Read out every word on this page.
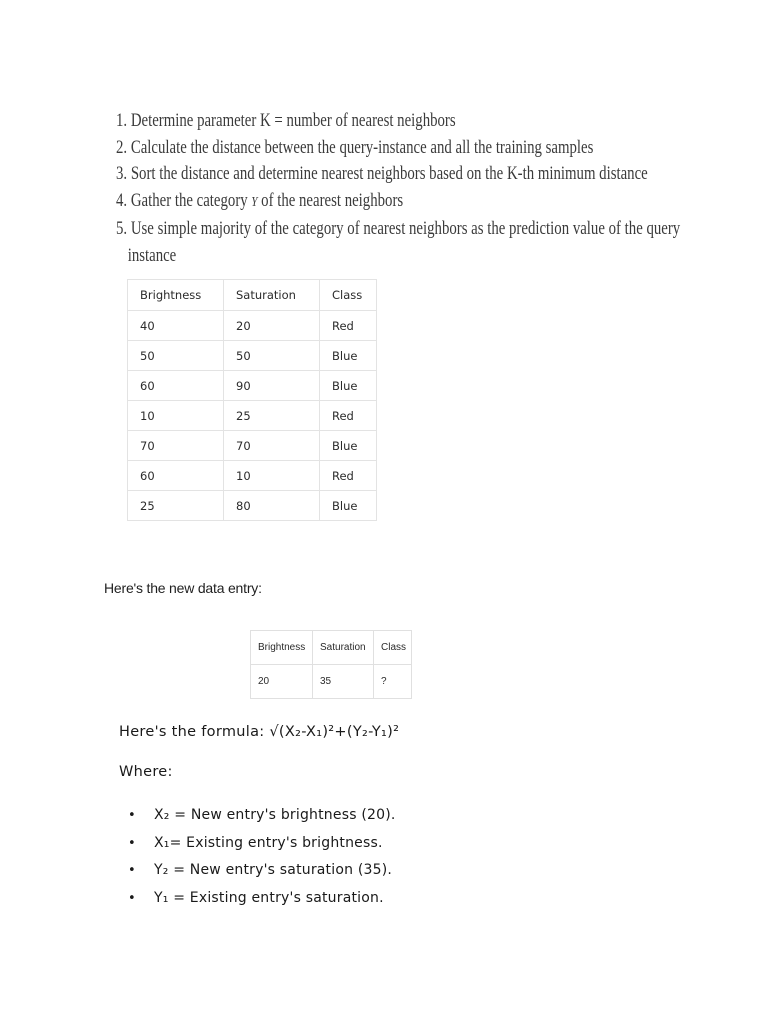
1. Determine parameter K = number of nearest neighbors
2. Calculate the distance between the query-instance and all the training samples
3. Sort the distance and determine nearest neighbors based on the K-th minimum distance
4. Gather the category Y of the nearest neighbors
5. Use simple majority of the category of nearest neighbors as the prediction value of the query
instance
Brightness	Saturation	Class
40	20	Red
50	50	Blue
60	90	Blue
10	25	Red
70	70	Blue
60	10	Red
25	80	Blue
Here's the new data entry:
Brightness	Saturation	Class
20	35	?
Here's the formula: √(X₂-X₁)²+(Y₂-Y₁)²
Where:
• X₂ = New entry's brightness (20).
• X₁= Existing entry's brightness.
• Y₂ = New entry's saturation (35).
• Y₁ = Existing entry's saturation.
